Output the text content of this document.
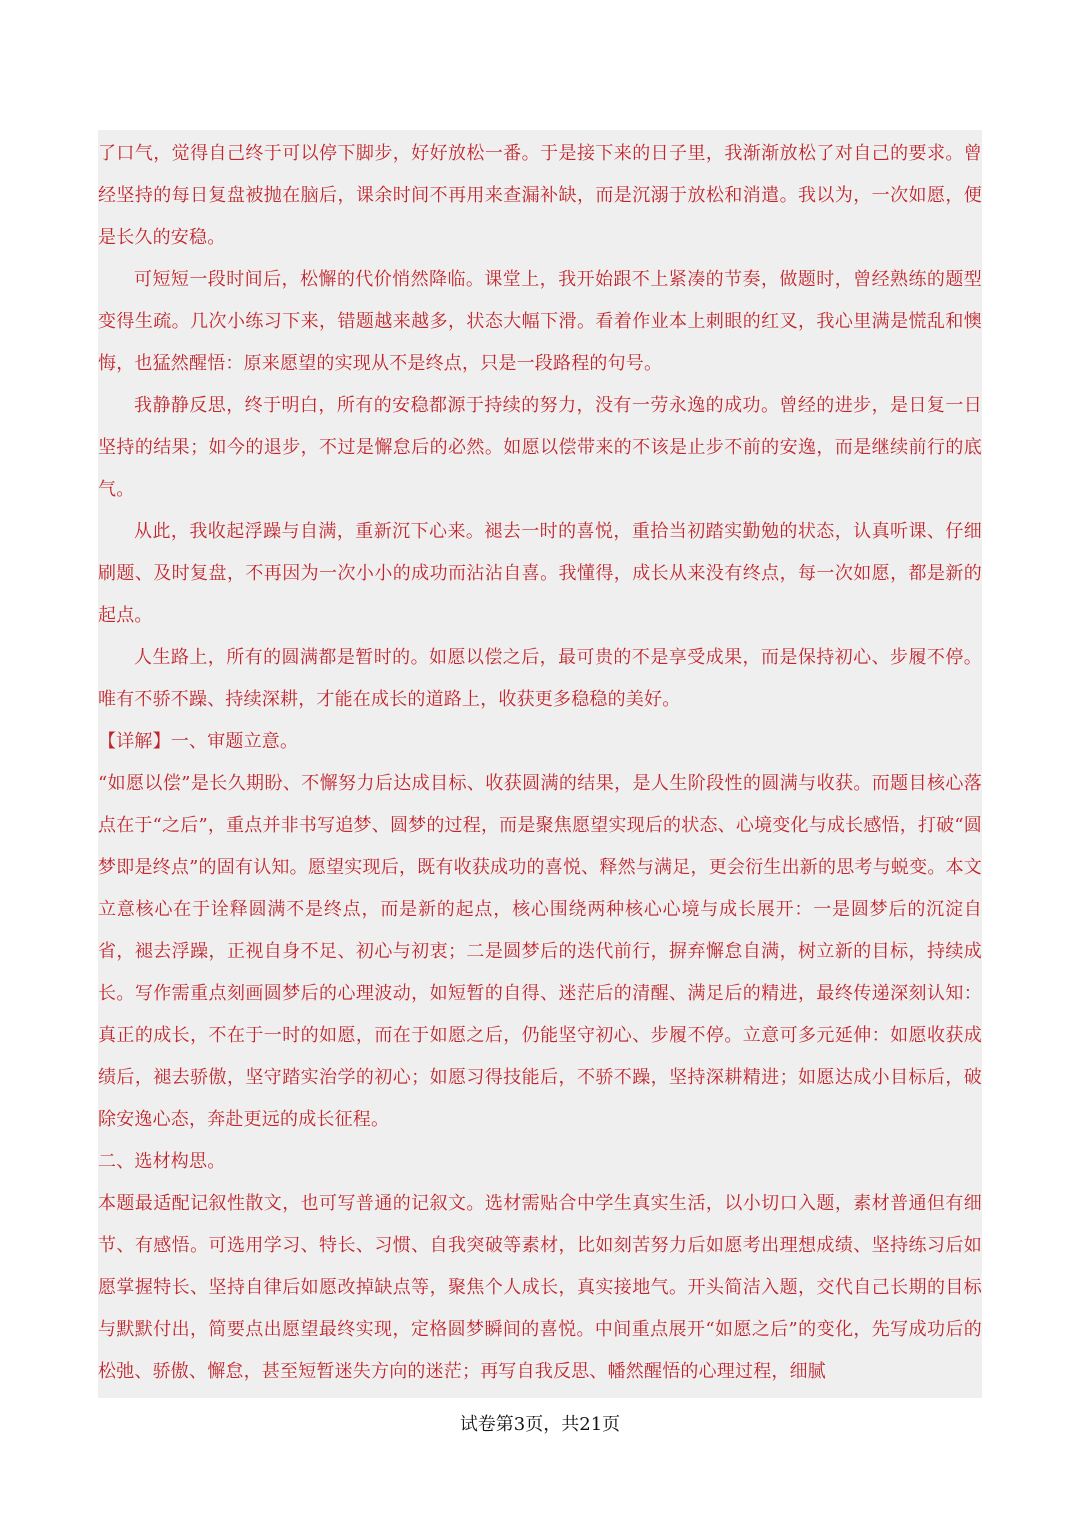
了口气，觉得自己终于可以停下脚步，好好放松一番。于是接下来的日子里，我渐渐放松了对自己的要求。曾经坚持的每日复盘被抛在脑后，课余时间不再用来查漏补缺，而是沉溺于放松和消遣。我以为，一次如愿，便是长久的安稳。

可短短一段时间后，松懈的代价悄然降临。课堂上，我开始跟不上紧凑的节奏，做题时，曾经熟练的题型变得生疏。几次小练习下来，错题越来越多，状态大幅下滑。看着作业本上刺眼的红叉，我心里满是慌乱和懊悔，也猛然醒悟：原来愿望的实现从不是终点，只是一段路程的句号。

我静静反思，终于明白，所有的安稳都源于持续的努力，没有一劳永逸的成功。曾经的进步，是日复一日坚持的结果；如今的退步，不过是懈怠后的必然。如愿以偿带来的不该是止步不前的安逸，而是继续前行的底气。

从此，我收起浮躁与自满，重新沉下心来。褪去一时的喜悦，重拾当初踏实勤勉的状态，认真听课、仔细刷题、及时复盘，不再因为一次小小的成功而沾沾自喜。我懂得，成长从来没有终点，每一次如愿，都是新的起点。

人生路上，所有的圆满都是暂时的。如愿以偿之后，最可贵的不是享受成果，而是保持初心、步履不停。唯有不骄不躁、持续深耕，才能在成长的道路上，收获更多稳稳的美好。

【详解】一、审题立意。

“如愿以偿”是长久期盼、不懈努力后达成目标、收获圆满的结果，是人生阶段性的圆满与收获。而题目核心落点在于“之后”，重点并非书写追梦、圆梦的过程，而是聚焦愿望实现后的状态、心境变化与成长感悟，打破“圆梦即是终点”的固有认知。愿望实现后，既有收获成功的喜悦、释然与满足，更会衍生出新的思考与蜕变。本文立意核心在于诠释圆满不是终点，而是新的起点，核心围绕两种核心心境与成长展开：一是圆梦后的沉淀自省，褪去浮躁，正视自身不足、初心与初衷；二是圆梦后的迭代前行，摒弃懈怠自满，树立新的目标，持续成长。写作需重点刻画圆梦后的心理波动，如短暂的自得、迷茫后的清醒、满足后的精进，最终传递深刻认知：真正的成长，不在于一时的如愿，而在于如愿之后，仍能坚守初心、步履不停。立意可多元延伸：如愿收获成绩后，褪去骄傲，坚守踏实治学的初心；如愿习得技能后，不骄不躁，坚持深耕精进；如愿达成小目标后，破除安逸心态，奔赴更远的成长征程。

二、选材构思。

本题最适配记叙性散文，也可写普通的记叙文。选材需贴合中学生真实生活，以小切口入题，素材普通但有细节、有感悟。可选用学习、特长、习惯、自我突破等素材，比如刻苦努力后如愿考出理想成绩、坚持练习后如愿掌握特长、坚持自律后如愿改掉缺点等，聚焦个人成长，真实接地气。开头简洁入题，交代自己长期的目标与默默付出，简要点出愿望最终实现，定格圆梦瞬间的喜悦。中间重点展开“如愿之后”的变化，先写成功后的松弛、骄傲、懈怠，甚至短暂迷失方向的迷茫；再写自我反思、幡然醒悟的心理过程，细腻

试卷第3页，共21页
